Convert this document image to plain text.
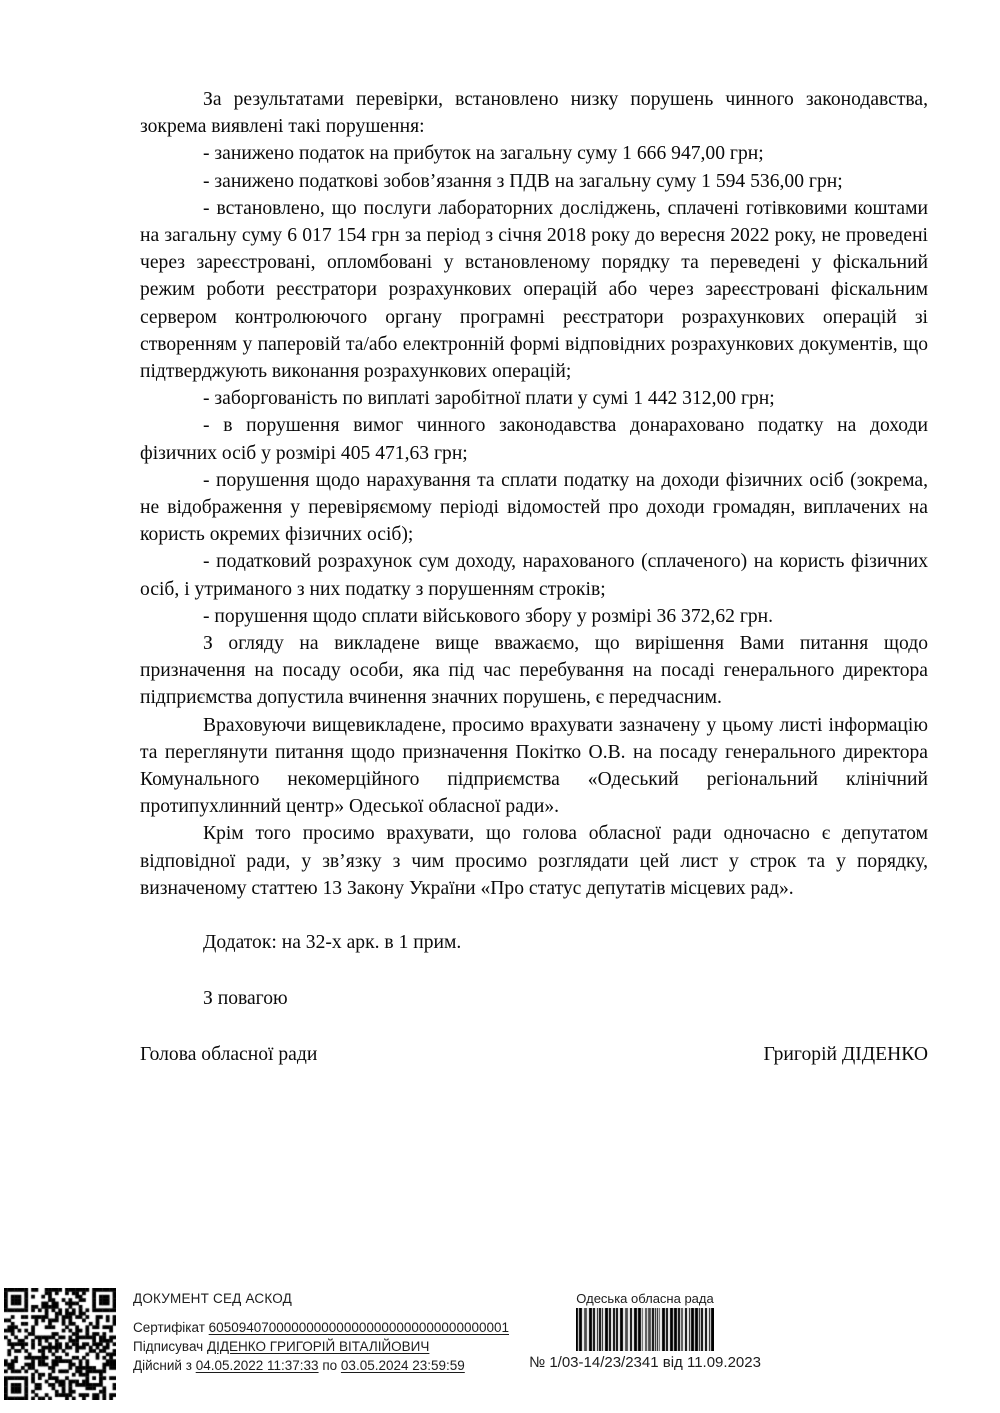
За результатами перевірки, встановлено низку порушень чинного законодавства, зокрема виявлені такі порушення:

- занижено податок на прибуток на загальну суму 1 666 947,00 грн;

- занижено податкові зобов’язання з ПДВ на загальну суму 1 594 536,00 грн;

- встановлено, що послуги лабораторних досліджень, сплачені готівковими коштами на загальну суму 6 017 154 грн за період з січня 2018 року до вересня 2022 року, не проведені через зареєстровані, опломбовані у встановленому порядку та переведені у фіскальний режим роботи реєстратори розрахункових операцій або через зареєстровані фіскальним сервером контролюючого органу програмні реєстратори розрахункових операцій зі створенням у паперовій та/або електронній формі відповідних розрахункових документів, що підтверджують виконання розрахункових операцій;

- заборгованість по виплаті заробітної плати у сумі 1 442 312,00 грн;

- в порушення вимог чинного законодавства донараховано податку на доходи фізичних осіб у розмірі 405 471,63 грн;

- порушення щодо нарахування та сплати податку на доходи фізичних осіб (зокрема, не відображення у перевіряємому періоді відомостей про доходи громадян, виплачених на користь окремих фізичних осіб);

- податковий розрахунок сум доходу, нарахованого (сплаченого) на користь фізичних осіб, і утриманого з них податку з порушенням строків;

- порушення щодо сплати військового збору у розмірі 36 372,62 грн.

З огляду на викладене вище вважаємо, що вирішення Вами питання щодо призначення на посаду особи, яка під час перебування на посаді генерального директора підприємства допустила вчинення значних порушень, є передчасним.

Враховуючи вищевикладене, просимо врахувати зазначену у цьому листі інформацію та переглянути питання щодо призначення Покітко О.В. на посаду генерального директора Комунального некомерційного підприємства «Одеський регіональний клінічний протипухлинний центр» Одеської обласної ради».

Крім того просимо врахувати, що голова обласної ради одночасно є депутатом відповідної ради, у зв’язку з чим просимо розглядати цей лист у строк та у порядку, визначеному статтею 13 Закону України «Про статус депутатів місцевих рад».

Додаток: на 32-х арк. в 1 прим.

З повагою

Голова обласної ради	Григорій ДІДЕНКО
ДОКУМЕНТ СЕД АСКОД
Сертифікат 6050940700000000000000000000000000000001
Підписувач ДІДЕНКО ГРИГОРІЙ ВІТАЛІЙОВИЧ
Дійсний з 04.05.2022 11:37:33 по 03.05.2024 23:59:59
Одеська обласна рада
№ 1/03-14/23/2341 від 11.09.2023
